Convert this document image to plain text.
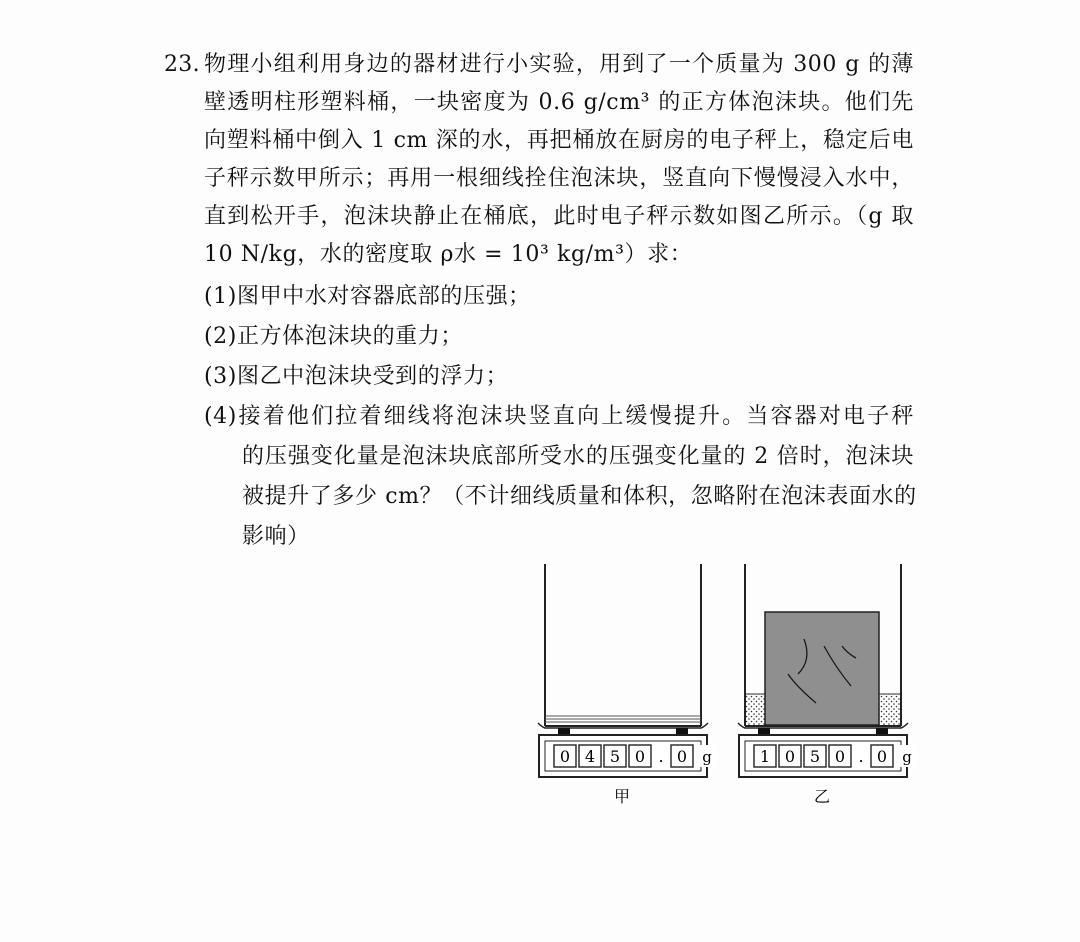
23. 物理小组利用身边的器材进行小实验，用到了一个质量为 300 g 的薄
壁透明柱形塑料桶，一块密度为 0.6 g/cm³ 的正方体泡沫块。他们先
向塑料桶中倒入 1 cm 深的水，再把桶放在厨房的电子秤上，稳定后电
子秤示数甲所示；再用一根细线拴住泡沫块，竖直向下慢慢浸入水中，
直到松开手，泡沫块静止在桶底，此时电子秤示数如图乙所示。（g 取
10 N/kg，水的密度取 ρ水 = 10³ kg/m³）求：
(1)图甲中水对容器底部的压强；
(2)正方体泡沫块的重力；
(3)图乙中泡沫块受到的浮力；
(4)接着他们拉着细线将泡沫块竖直向上缓慢提升。当容器对电子秤
的压强变化量是泡沫块底部所受水的压强变化量的 2 倍时，泡沫块
被提升了多少 cm？（不计细线质量和体积，忽略附在泡沫表面水的
影响）
0 4 5 0 . 0 g	1 0 5 0 . 0 g
甲	乙
